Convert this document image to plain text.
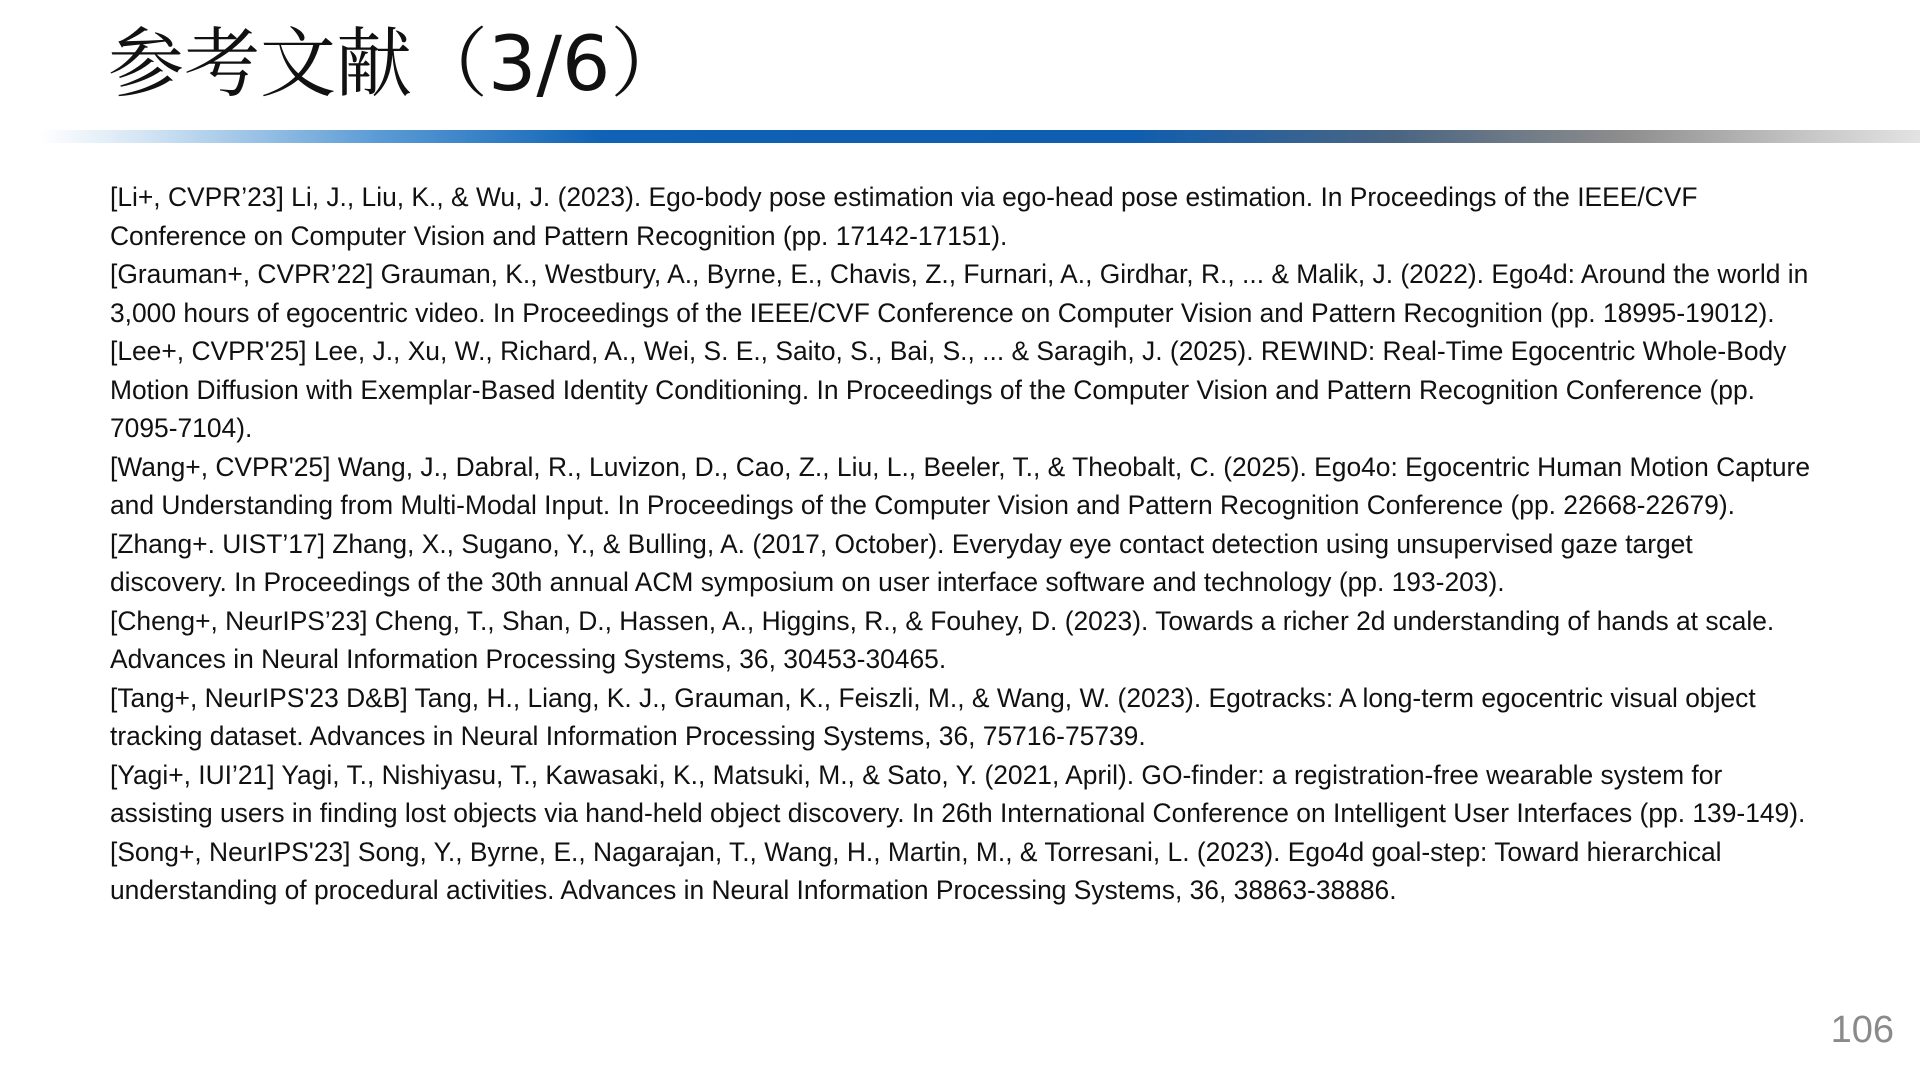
参考文献（3/6）
[Li+, CVPR’23] Li, J., Liu, K., & Wu, J. (2023). Ego-body pose estimation via ego-head pose estimation. In Proceedings of the IEEE/CVF Conference on Computer Vision and Pattern Recognition (pp. 17142-17151).
[Grauman+, CVPR’22] Grauman, K., Westbury, A., Byrne, E., Chavis, Z., Furnari, A., Girdhar, R., ... & Malik, J. (2022). Ego4d: Around the world in 3,000 hours of egocentric video. In Proceedings of the IEEE/CVF Conference on Computer Vision and Pattern Recognition (pp. 18995-19012).
[Lee+, CVPR'25] Lee, J., Xu, W., Richard, A., Wei, S. E., Saito, S., Bai, S., ... & Saragih, J. (2025). REWIND: Real-Time Egocentric Whole-Body Motion Diffusion with Exemplar-Based Identity Conditioning. In Proceedings of the Computer Vision and Pattern Recognition Conference (pp. 7095-7104).
[Wang+, CVPR'25] Wang, J., Dabral, R., Luvizon, D., Cao, Z., Liu, L., Beeler, T., & Theobalt, C. (2025). Ego4o: Egocentric Human Motion Capture and Understanding from Multi-Modal Input. In Proceedings of the Computer Vision and Pattern Recognition Conference (pp. 22668-22679).
[Zhang+. UIST’17] Zhang, X., Sugano, Y., & Bulling, A. (2017, October). Everyday eye contact detection using unsupervised gaze target discovery. In Proceedings of the 30th annual ACM symposium on user interface software and technology (pp. 193-203).
[Cheng+, NeurIPS’23] Cheng, T., Shan, D., Hassen, A., Higgins, R., & Fouhey, D. (2023). Towards a richer 2d understanding of hands at scale. Advances in Neural Information Processing Systems, 36, 30453-30465.
[Tang+, NeurIPS'23 D&B] Tang, H., Liang, K. J., Grauman, K., Feiszli, M., & Wang, W. (2023). Egotracks: A long-term egocentric visual object tracking dataset. Advances in Neural Information Processing Systems, 36, 75716-75739.
[Yagi+, IUI’21] Yagi, T., Nishiyasu, T., Kawasaki, K., Matsuki, M., & Sato, Y. (2021, April). GO-finder: a registration-free wearable system for assisting users in finding lost objects via hand-held object discovery. In 26th International Conference on Intelligent User Interfaces (pp. 139-149).
[Song+, NeurIPS'23] Song, Y., Byrne, E., Nagarajan, T., Wang, H., Martin, M., & Torresani, L. (2023). Ego4d goal-step: Toward hierarchical understanding of procedural activities. Advances in Neural Information Processing Systems, 36, 38863-38886.
106
